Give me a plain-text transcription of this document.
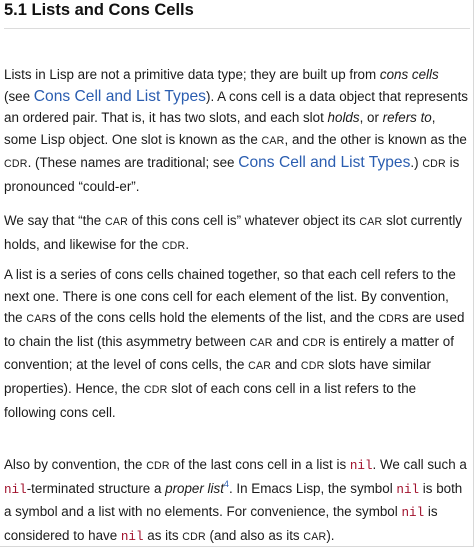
5.1 Lists and Cons Cells

Lists in Lisp are not a primitive data type; they are built up from cons cells (see Cons Cell and List Types). A cons cell is a data object that represents an ordered pair. That is, it has two slots, and each slot holds, or refers to, some Lisp object. One slot is known as the CAR, and the other is known as the CDR. (These names are traditional; see Cons Cell and List Types.) CDR is pronounced “could-er”.

We say that “the CAR of this cons cell is” whatever object its CAR slot currently holds, and likewise for the CDR.

A list is a series of cons cells chained together, so that each cell refers to the next one. There is one cons cell for each element of the list. By convention, the CARs of the cons cells hold the elements of the list, and the CDRs are used to chain the list (this asymmetry between CAR and CDR is entirely a matter of convention; at the level of cons cells, the CAR and CDR slots have similar properties). Hence, the CDR slot of each cons cell in a list refers to the following cons cell.

Also by convention, the CDR of the last cons cell in a list is nil. We call such a nil-terminated structure a proper list$^4$. In Emacs Lisp, the symbol nil is both a symbol and a list with no elements. For convenience, the symbol nil is considered to have nil as its CDR (and also as its CAR).
